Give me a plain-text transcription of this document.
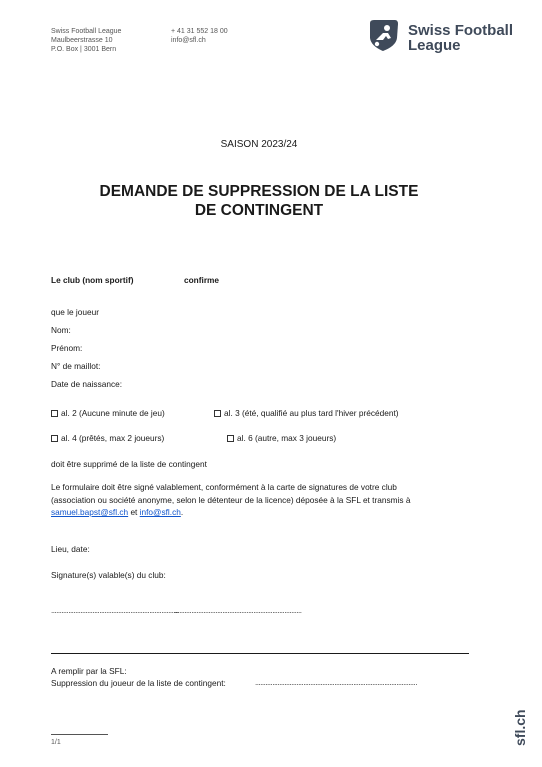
Swiss Football League
Maulbeerstrasse 10
P.O. Box | 3001 Bern
+ 41 31 552 18 00
info@sfl.ch
Swiss Football
League
SAISON 2023/24
DEMANDE DE SUPPRESSION DE LA LISTE
DE CONTINGENT
Le club (nom sportif)	confirme
que le joueur
Nom:
Prénom:
N° de maillot:
Date de naissance:
al. 2 (Aucune minute de jeu)	al. 3 (été, qualifié au plus tard l'hiver précédent)
al. 4 (prêtés, max 2 joueurs)	al. 6 (autre, max 3 joueurs)
doit être supprimé de la liste de contingent
Le formulaire doit être signé valablement, conformément à la carte de signatures de votre club
(association ou société anonyme, selon le détenteur de la licence) déposée à la SFL et transmis à
samuel.bapst@sfl.ch et info@sfl.ch.
Lieu, date:
Signature(s) valable(s) du club:
..........................................................................
..........................................................................
A remplir par la SFL:
Suppression du joueur de la liste de contingent:	..............................................................................................
1/1	sfl.ch
